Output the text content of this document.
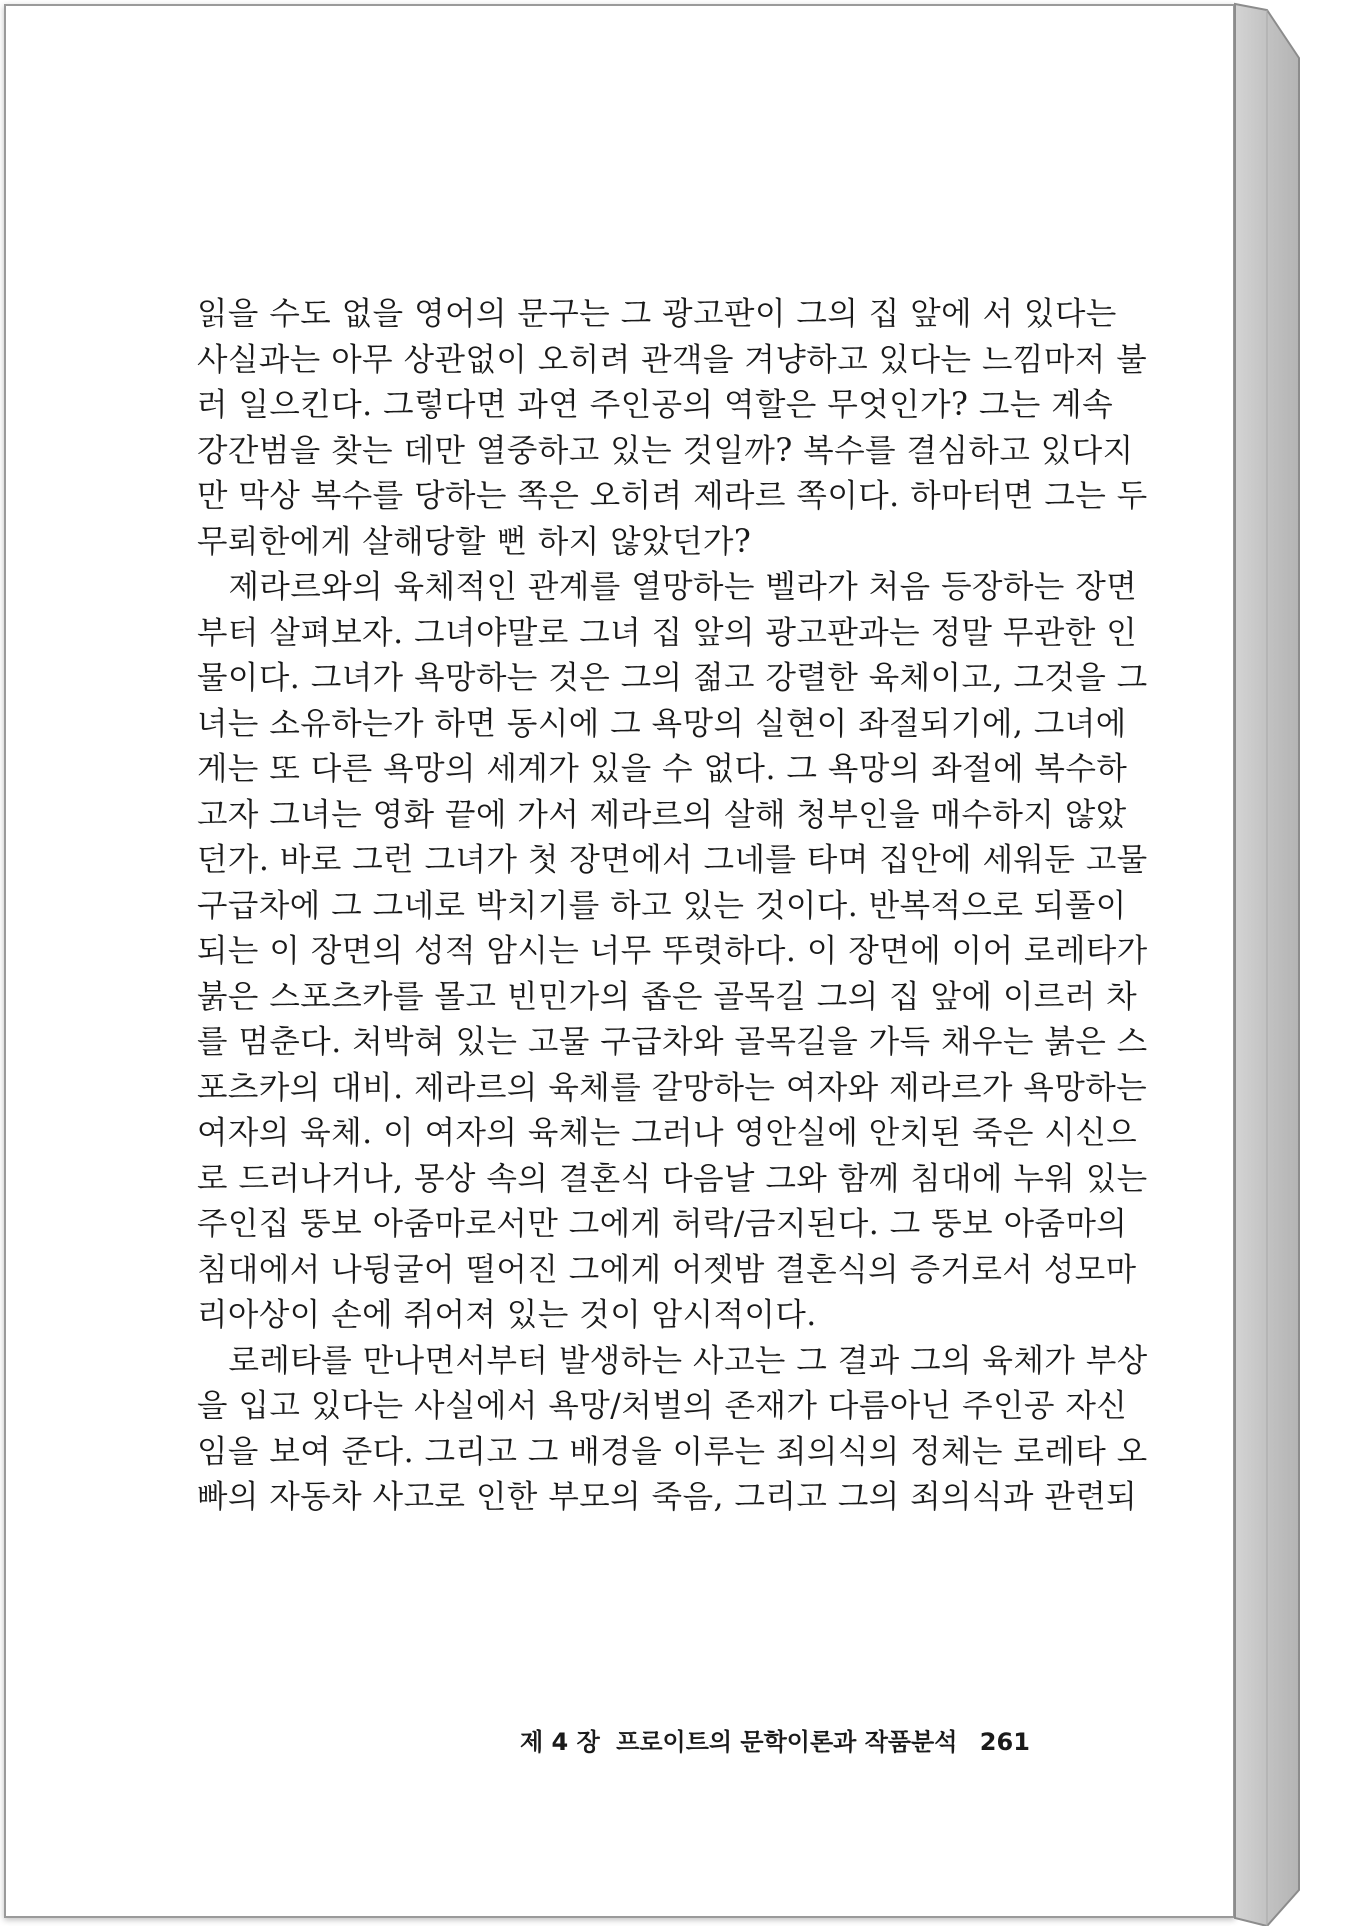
읽을 수도 없을 영어의 문구는 그 광고판이 그의 집 앞에 서 있다는
사실과는 아무 상관없이 오히려 관객을 겨냥하고 있다는 느낌마저 불
러 일으킨다. 그렇다면 과연 주인공의 역할은 무엇인가? 그는 계속
강간범을 찾는 데만 열중하고 있는 것일까? 복수를 결심하고 있다지
만 막상 복수를 당하는 쪽은 오히려 제라르 쪽이다. 하마터면 그는 두
무뢰한에게 살해당할 뻔 하지 않았던가?

제라르와의 육체적인 관계를 열망하는 벨라가 처음 등장하는 장면
부터 살펴보자. 그녀야말로 그녀 집 앞의 광고판과는 정말 무관한 인
물이다. 그녀가 욕망하는 것은 그의 젊고 강렬한 육체이고, 그것을 그
녀는 소유하는가 하면 동시에 그 욕망의 실현이 좌절되기에, 그녀에
게는 또 다른 욕망의 세계가 있을 수 없다. 그 욕망의 좌절에 복수하
고자 그녀는 영화 끝에 가서 제라르의 살해 청부인을 매수하지 않았
던가. 바로 그런 그녀가 첫 장면에서 그네를 타며 집안에 세워둔 고물
구급차에 그 그네로 박치기를 하고 있는 것이다. 반복적으로 되풀이
되는 이 장면의 성적 암시는 너무 뚜렷하다. 이 장면에 이어 로레타가
붉은 스포츠카를 몰고 빈민가의 좁은 골목길 그의 집 앞에 이르러 차
를 멈춘다. 처박혀 있는 고물 구급차와 골목길을 가득 채우는 붉은 스
포츠카의 대비. 제라르의 육체를 갈망하는 여자와 제라르가 욕망하는
여자의 육체. 이 여자의 육체는 그러나 영안실에 안치된 죽은 시신으
로 드러나거나, 몽상 속의 결혼식 다음날 그와 함께 침대에 누워 있는
주인집 뚱보 아줌마로서만 그에게 허락/금지된다. 그 뚱보 아줌마의
침대에서 나뒹굴어 떨어진 그에게 어젯밤 결혼식의 증거로서 성모마
리아상이 손에 쥐어져 있는 것이 암시적이다.

로레타를 만나면서부터 발생하는 사고는 그 결과 그의 육체가 부상
을 입고 있다는 사실에서 욕망/처벌의 존재가 다름아닌 주인공 자신
임을 보여 준다. 그리고 그 배경을 이루는 죄의식의 정체는 로레타 오
빠의 자동차 사고로 인한 부모의 죽음, 그리고 그의 죄의식과 관련되

제 4 장 프로이트의 문학이론과 작품분석 261
